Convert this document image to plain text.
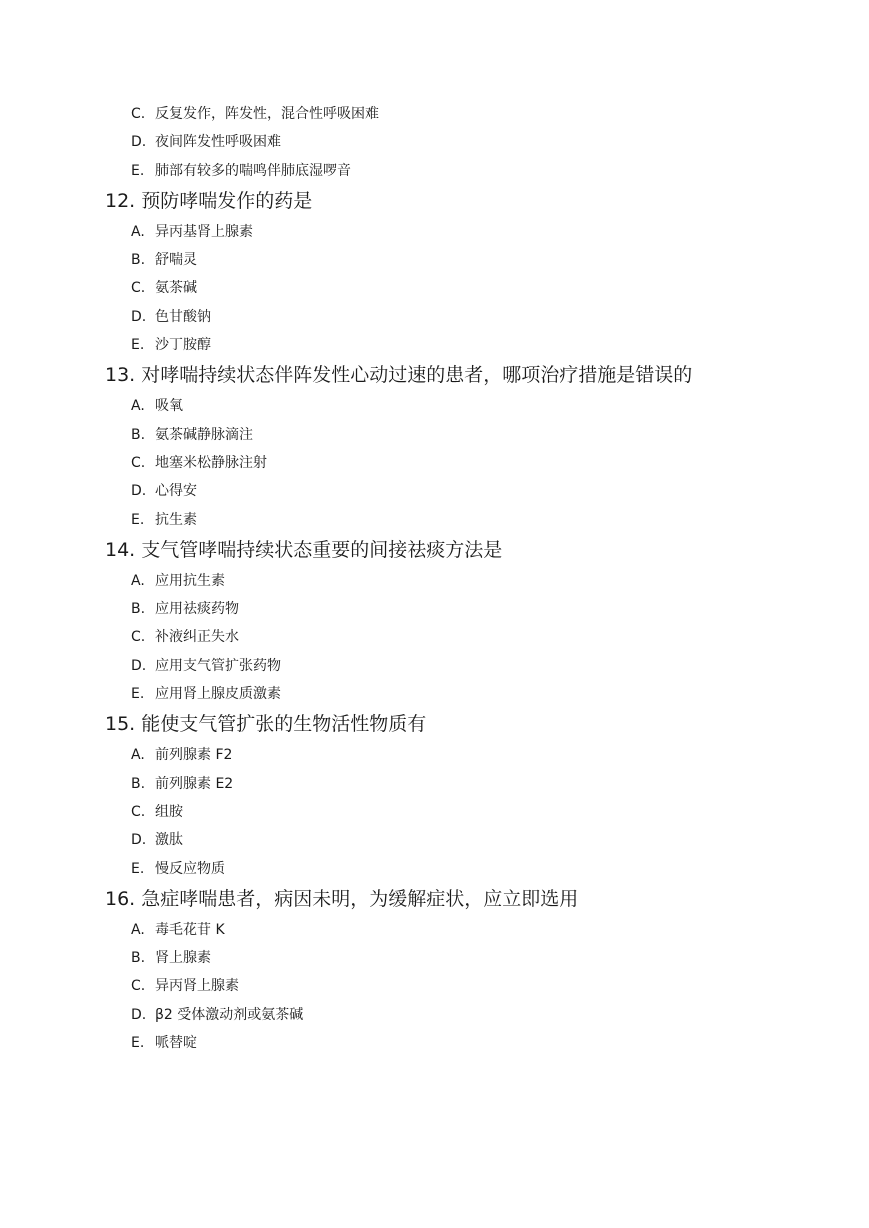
C. 反复发作，阵发性，混合性呼吸困难
D. 夜间阵发性呼吸困难
E. 肺部有较多的喘鸣伴肺底湿啰音
12. 预防哮喘发作的药是
A. 异丙基肾上腺素
B. 舒喘灵
C. 氨茶碱
D. 色甘酸钠
E. 沙丁胺醇
13. 对哮喘持续状态伴阵发性心动过速的患者，哪项治疗措施是错误的
A. 吸氧
B. 氨茶碱静脉滴注
C. 地塞米松静脉注射
D. 心得安
E. 抗生素
14. 支气管哮喘持续状态重要的间接祛痰方法是
A. 应用抗生素
B. 应用祛痰药物
C. 补液纠正失水
D. 应用支气管扩张药物
E. 应用肾上腺皮质激素
15. 能使支气管扩张的生物活性物质有
A. 前列腺素 F2
B. 前列腺素 E2
C. 组胺
D. 激肽
E. 慢反应物质
16. 急症哮喘患者，病因未明，为缓解症状，应立即选用
A. 毒毛花苷 K
B. 肾上腺素
C. 异丙肾上腺素
D. β2 受体激动剂或氨茶碱
E. 哌替啶
